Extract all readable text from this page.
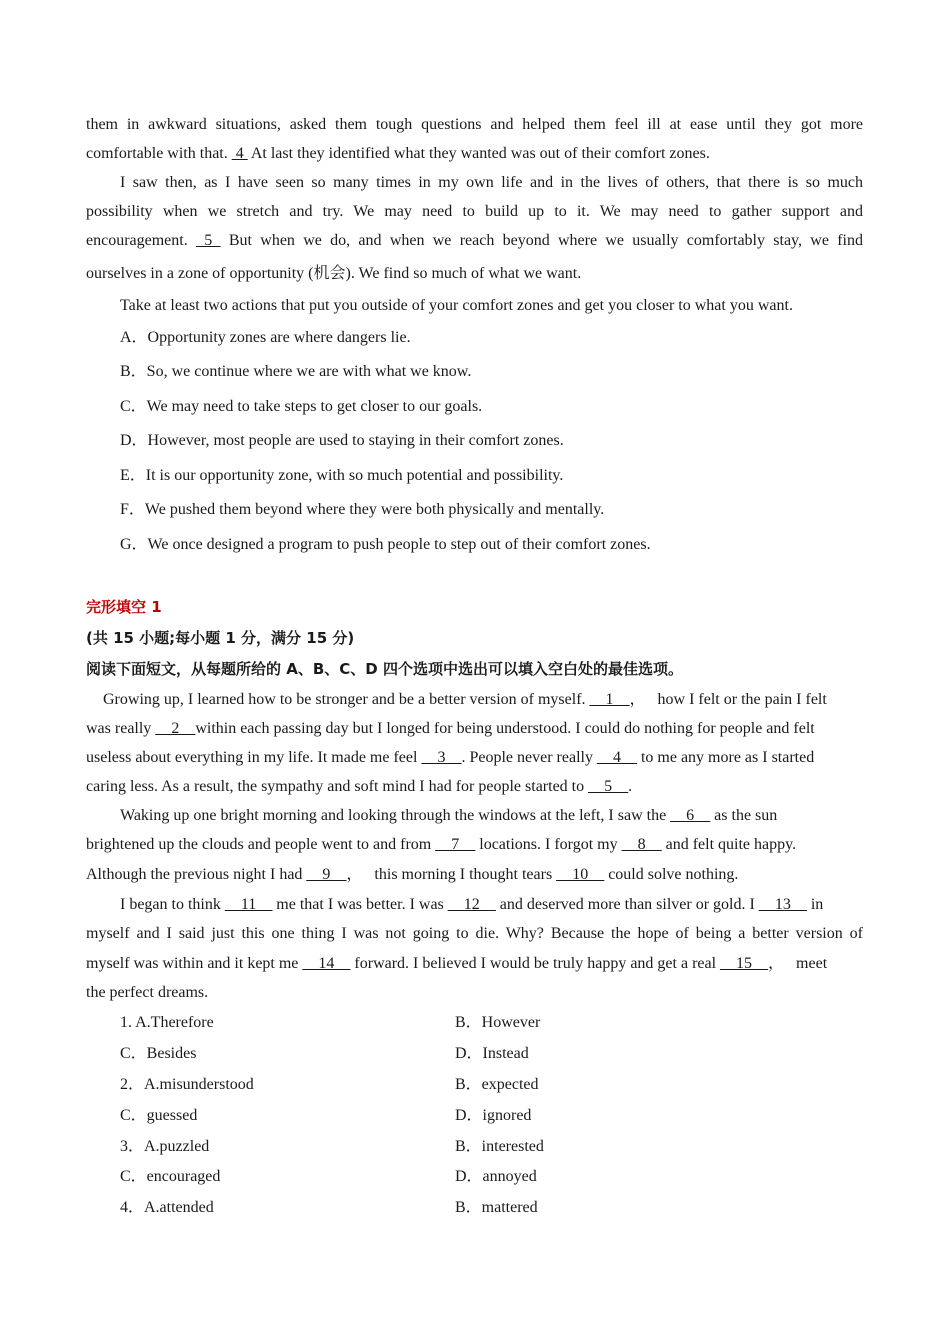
them in awkward situations, asked them tough questions and helped them feel ill at ease until they got more
comfortable with that.  4  At last they identified what they wanted was out of their comfort zones.
I saw then, as I have seen so many times in my own life and in the lives of others, that there is so much
possibility when we stretch and try. We may need to build up to it. We may need to gather support and
encouragement.  5  But when we do, and when we reach beyond where we usually comfortably stay, we find
ourselves in a zone of opportunity (机会). We find so much of what we want.
Take at least two actions that put you outside of your comfort zones and get you closer to what you want.
A．Opportunity zones are where dangers lie.
B．So, we continue where we are with what we know.
C．We may need to take steps to get closer to our goals.
D．However, most people are used to staying in their comfort zones.
E．It is our opportunity zone, with so much potential and possibility.
F．We pushed them beyond where they were both physically and mentally.
G．We once designed a program to push people to step out of their comfort zones.
完形填空 1
(共 15 小题;每小题 1 分，满分 15 分)
阅读下面短文，从每题所给的 A、B、C、D 四个选项中选出可以填入空白处的最佳选项。
Growing up, I learned how to be stronger and be a better version of myself. __1__，   how I felt or the pain I felt
was really __2__within each passing day but I longed for being understood. I could do nothing for people and felt
useless about everything in my life. It made me feel __3__. People never really __4__ to me any more as I started
caring less. As a result, the sympathy and soft mind I had for people started to __5__.
Waking up one bright morning and looking through the windows at the left, I saw the __6__ as the sun
brightened up the clouds and people went to and from __7__ locations. I forgot my __8__ and felt quite happy.
Although the previous night I had __9__，   this morning I thought tears __10__ could solve nothing.
I began to think __11__ me that I was better. I was __12__ and deserved more than silver or gold. I __13__ in
myself and I said just this one thing I was not going to die. Why? Because the hope of being a better version of
myself was within and it kept me __14__ forward. I believed I would be truly happy and get a real __15__，   meet
the perfect dreams.
1. A.Therefore	B．However
C．Besides	D．Instead
2．A.misunderstood	B．expected
C．guessed	D．ignored
3．A.puzzled	B．interested
C．encouraged	D．annoyed
4．A.attended	B．mattered
